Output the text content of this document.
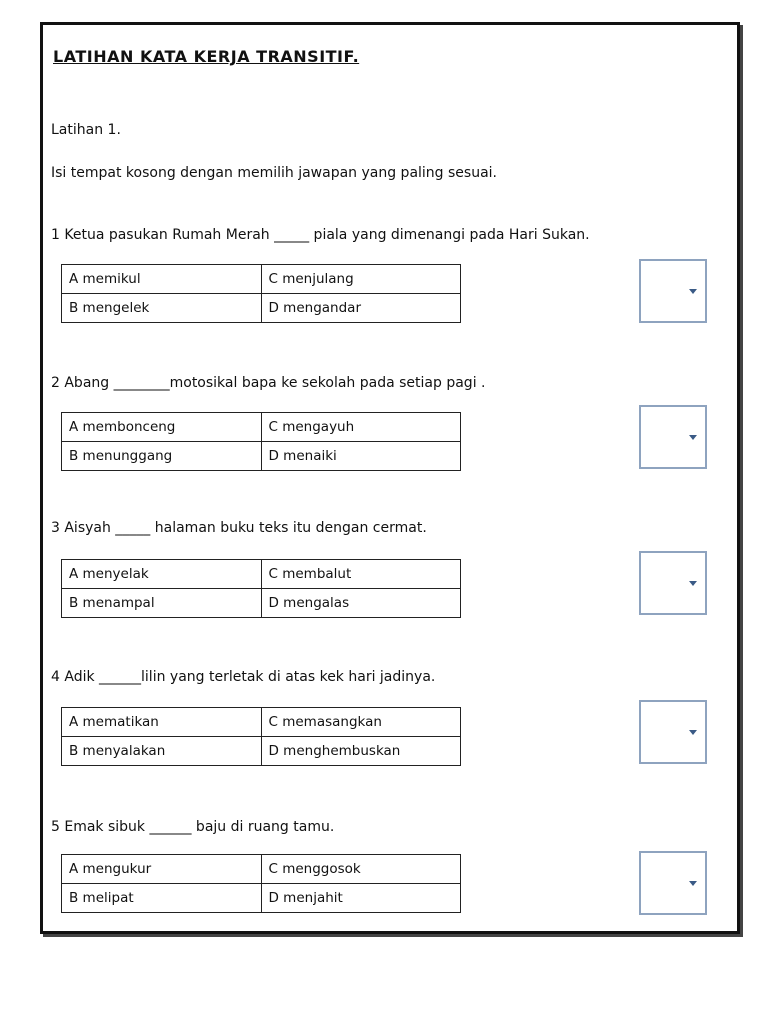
LATIHAN KATA KERJA TRANSITIF.
Latihan 1.
Isi tempat kosong dengan memilih jawapan yang paling sesuai.
1 Ketua pasukan Rumah Merah _____ piala yang dimenangi pada Hari Sukan.
A memikul	C menjulang
B mengelek	D mengandar
2 Abang ________motosikal bapa ke sekolah pada setiap pagi .
A membonceng	C mengayuh
B menunggang	D menaiki
3 Aisyah _____ halaman buku teks itu dengan cermat.
A menyelak	C membalut
B menampal	D mengalas
4 Adik ______lilin yang terletak di atas kek hari jadinya.
A mematikan	C memasangkan
B menyalakan	D menghembuskan
5 Emak sibuk ______ baju di ruang tamu.
A mengukur	C menggosok
B melipat	D menjahit
